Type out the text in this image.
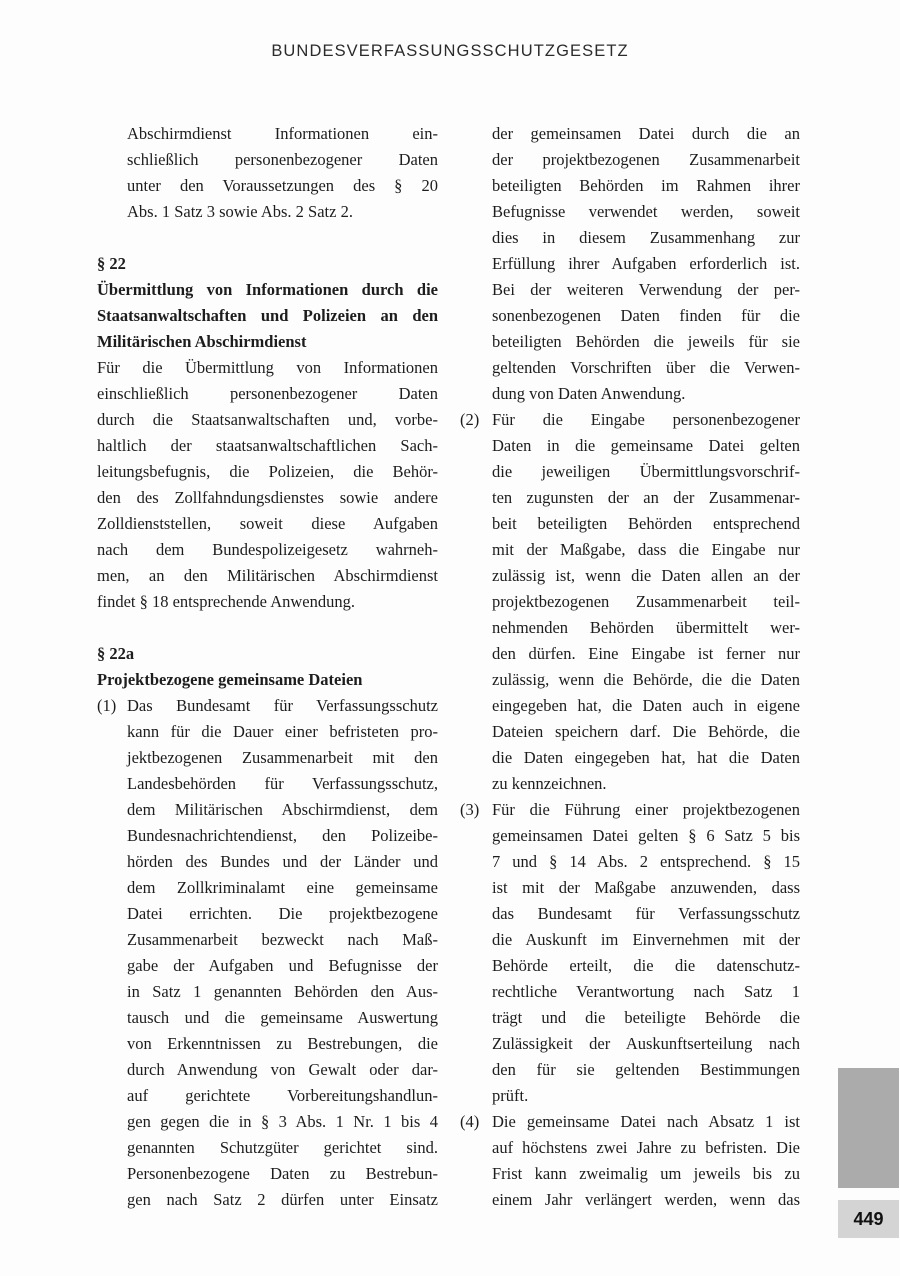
BUNDESVERFASSUNGSSCHUTZGESETZ
Abschirmdienst Informationen ein-
schließlich personenbezogener Daten
unter den Voraussetzungen des § 20
Abs. 1 Satz 3 sowie Abs. 2 Satz 2.
§ 22
Übermittlung von Informationen durch die
Staatsanwaltschaften und Polizeien an den
Militärischen Abschirmdienst
Für die Übermittlung von Informationen
einschließlich personenbezogener Daten
durch die Staatsanwaltschaften und, vorbe-
haltlich der staatsanwaltschaftlichen Sach-
leitungsbefugnis, die Polizeien, die Behör-
den des Zollfahndungsdienstes sowie andere
Zolldienststellen, soweit diese Aufgaben
nach dem Bundespolizeigesetz wahrneh-
men, an den Militärischen Abschirmdienst
findet § 18 entsprechende Anwendung.
§ 22a
Projektbezogene gemeinsame Dateien
(1) Das Bundesamt für Verfassungsschutz
kann für die Dauer einer befristeten pro-
jektbezogenen Zusammenarbeit mit den
Landesbehörden für Verfassungsschutz,
dem Militärischen Abschirmdienst, dem
Bundesnachrichtendienst, den Polizeibe-
hörden des Bundes und der Länder und
dem Zollkriminalamt eine gemeinsame
Datei errichten. Die projektbezogene
Zusammenarbeit bezweckt nach Maß-
gabe der Aufgaben und Befugnisse der
in Satz 1 genannten Behörden den Aus-
tausch und die gemeinsame Auswertung
von Erkenntnissen zu Bestrebungen, die
durch Anwendung von Gewalt oder dar-
auf gerichtete Vorbereitungshandlun-
gen gegen die in § 3 Abs. 1 Nr. 1 bis 4
genannten Schutzgüter gerichtet sind.
Personenbezogene Daten zu Bestrebun-
gen nach Satz 2 dürfen unter Einsatz
der gemeinsamen Datei durch die an
der projektbezogenen Zusammenarbeit
beteiligten Behörden im Rahmen ihrer
Befugnisse verwendet werden, soweit
dies in diesem Zusammenhang zur
Erfüllung ihrer Aufgaben erforderlich ist.
Bei der weiteren Verwendung der per-
sonenbezogenen Daten finden für die
beteiligten Behörden die jeweils für sie
geltenden Vorschriften über die Verwen-
dung von Daten Anwendung.
(2) Für die Eingabe personenbezogener
Daten in die gemeinsame Datei gelten
die jeweiligen Übermittlungsvorschrif-
ten zugunsten der an der Zusammenar-
beit beteiligten Behörden entsprechend
mit der Maßgabe, dass die Eingabe nur
zulässig ist, wenn die Daten allen an der
projektbezogenen Zusammenarbeit teil-
nehmenden Behörden übermittelt wer-
den dürfen. Eine Eingabe ist ferner nur
zulässig, wenn die Behörde, die die Daten
eingegeben hat, die Daten auch in eigene
Dateien speichern darf. Die Behörde, die
die Daten eingegeben hat, hat die Daten
zu kennzeichnen.
(3) Für die Führung einer projektbezogenen
gemeinsamen Datei gelten § 6 Satz 5 bis
7 und § 14 Abs. 2 entsprechend. § 15
ist mit der Maßgabe anzuwenden, dass
das Bundesamt für Verfassungsschutz
die Auskunft im Einvernehmen mit der
Behörde erteilt, die die datenschutz-
rechtliche Verantwortung nach Satz 1
trägt und die beteiligte Behörde die
Zulässigkeit der Auskunftserteilung nach
den für sie geltenden Bestimmungen
prüft.
(4) Die gemeinsame Datei nach Absatz 1 ist
auf höchstens zwei Jahre zu befristen. Die
Frist kann zweimalig um jeweils bis zu
einem Jahr verlängert werden, wenn das
449
